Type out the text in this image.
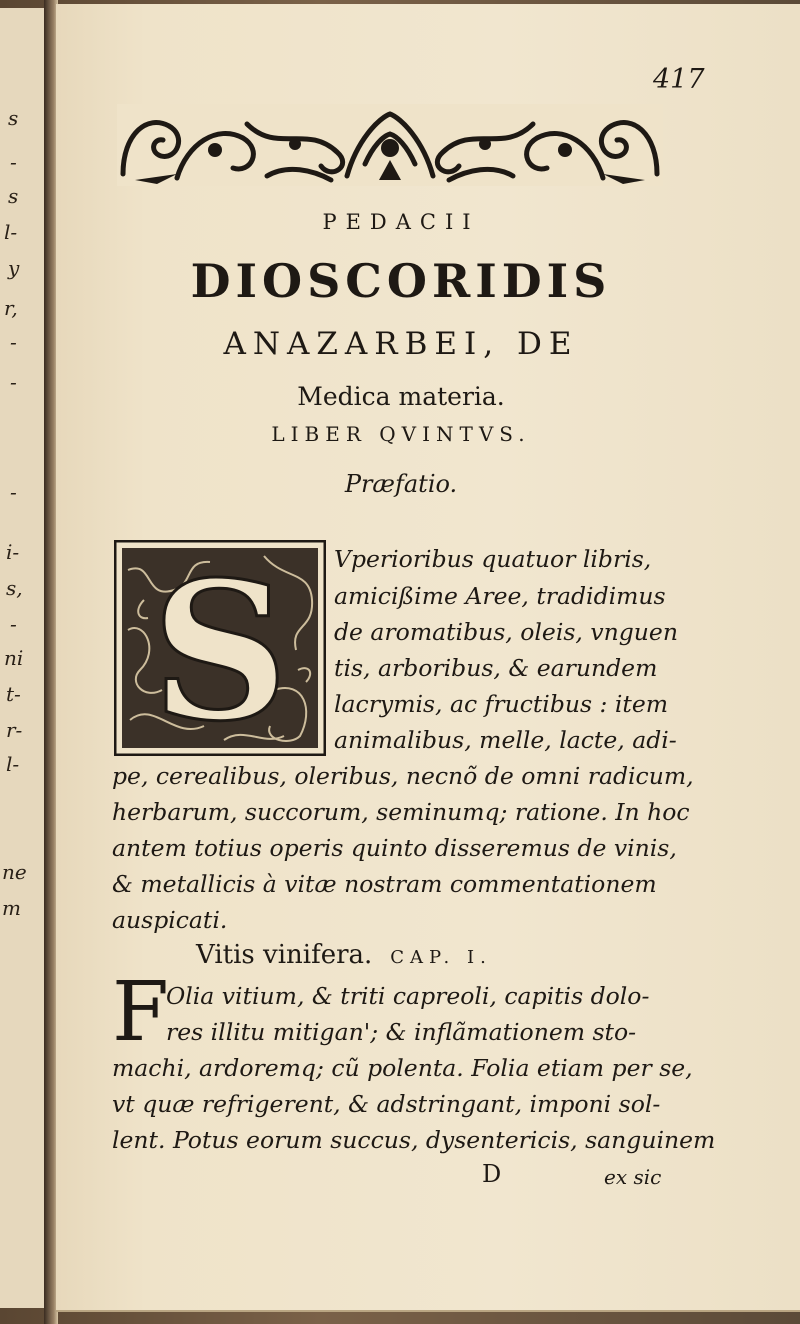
s
-
s
l-
y
r,
-
-
-
i-
s,
-
ni
t-
r-
l-
ne
m
417
PEDACII
DIOSCORIDIS
ANAZARBEI, DE
Medica materia.
LIBER QVINTVS.
Præfatio.
S Vperioribus quatuor libris,
amicißime Aree, tradidimus
de aromatibus, oleis, vnguen
tis, arboribus, & earundem
lacrymis, ac fructibus : item
animalibus, melle, lacte, adi-
pe, cerealibus, oleribus, necnõ de omni radicum,
herbarum, succorum, seminumq; ratione. In hoc
antem totius operis quinto disseremus de vinis,
& metallicis à vitæ nostram commentationem
auspicati.
Vitis vinifera. CAP. I.
F
Olia vitium, & triti capreoli, capitis dolo-
res illitu mitigan'; & inflãmationem sto-
machi, ardoremq; cũ polenta. Folia etiam per se,
vt quæ refrigerent, & adstringant, imponi sol-
lent. Potus eorum succus, dysentericis, sanguinem
D	ex sic
